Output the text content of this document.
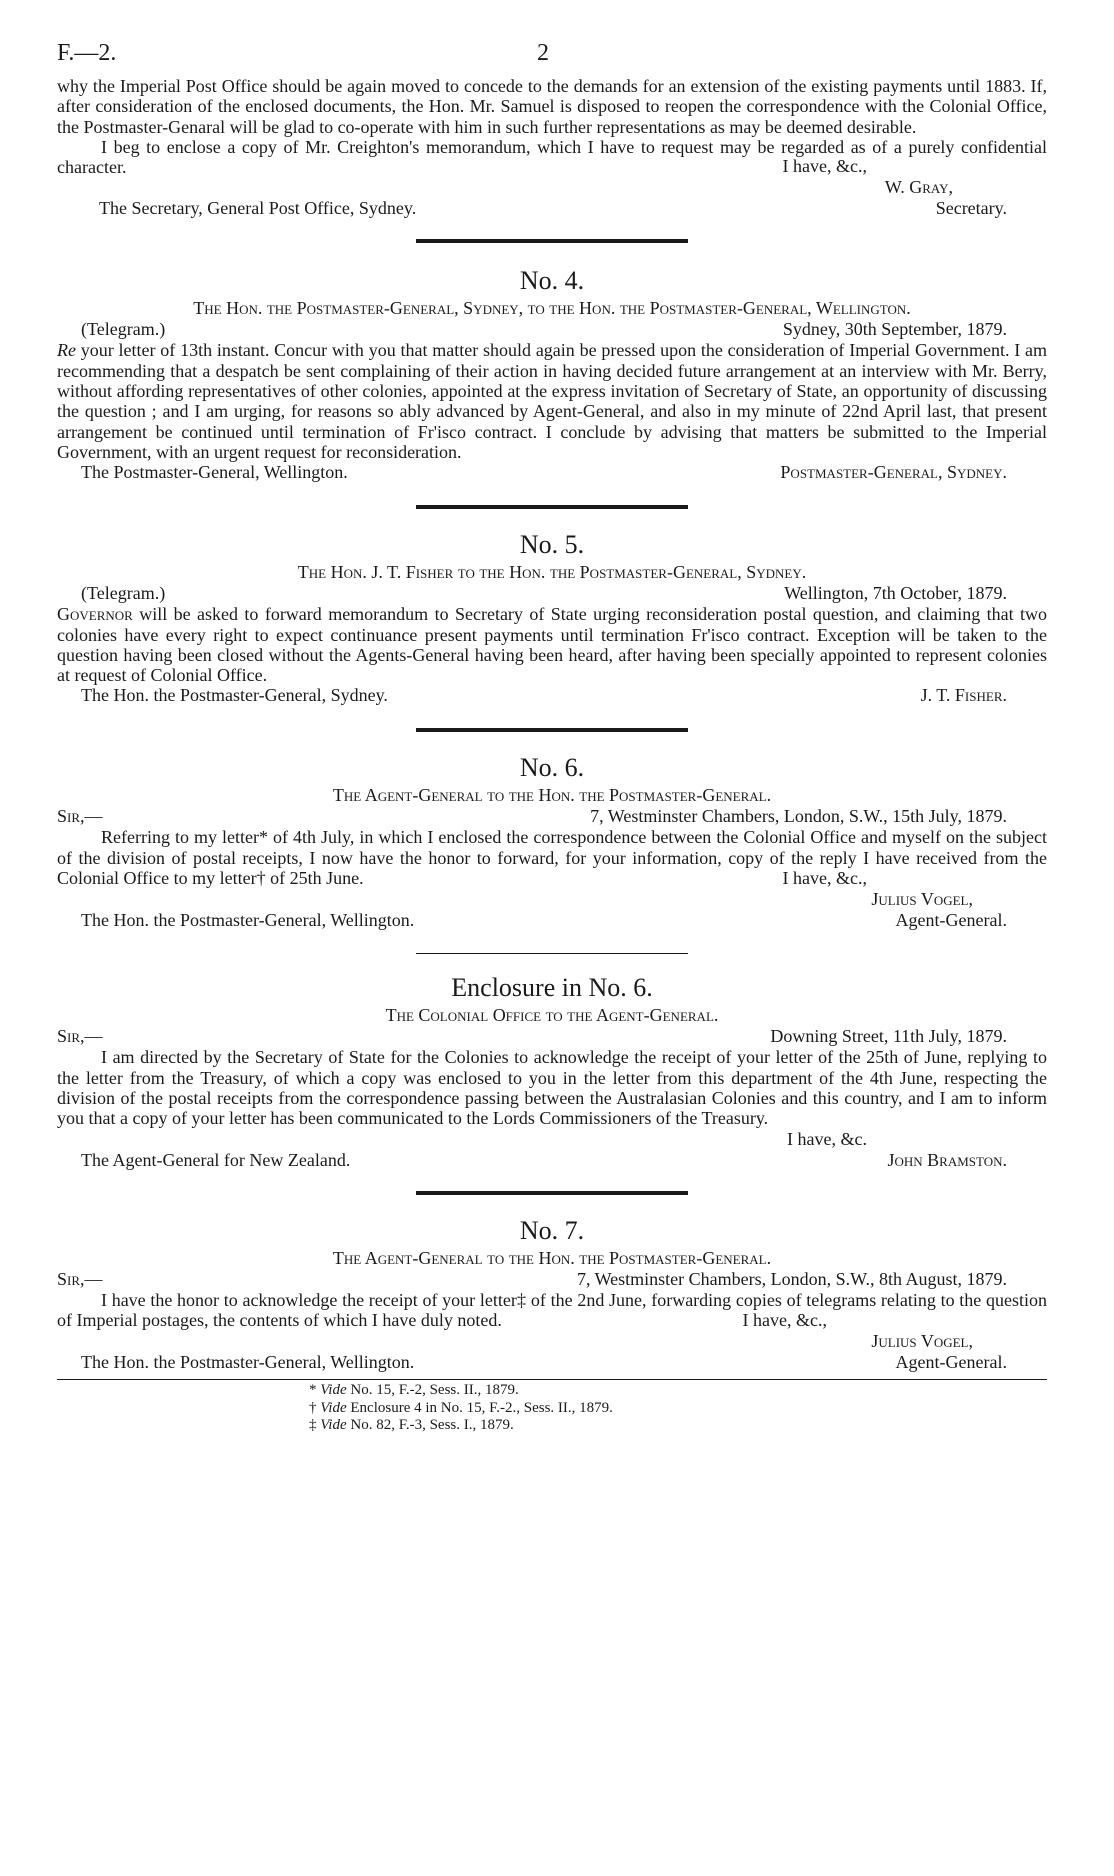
F.—2.	2

why the Imperial Post Office should be again moved to concede to the demands for an extension of the existing payments until 1883. If, after consideration of the enclosed documents, the Hon. Mr. Samuel is disposed to reopen the correspondence with the Colonial Office, the Postmaster-Genaral will be glad to co-operate with him in such further representations as may be deemed desirable.

I beg to enclose a copy of Mr. Creighton's memorandum, which I have to request may be regarded as of a purely confidential character.	I have, &c.,
W. Gray,
The Secretary, General Post Office, Sydney.	Secretary.
No. 4.
The Hon. the Postmaster-General, Sydney, to the Hon. the Postmaster-General, Wellington.
(Telegram.)	Sydney, 30th September, 1879.

Re your letter of 13th instant. Concur with you that matter should again be pressed upon the consideration of Imperial Government. I am recommending that a despatch be sent complaining of their action in having decided future arrangement at an interview with Mr. Berry, without affording representatives of other colonies, appointed at the express invitation of Secretary of State, an opportunity of discussing the question ; and I am urging, for reasons so ably advanced by Agent-General, and also in my minute of 22nd April last, that present arrangement be continued until termination of Fr'isco contract. I conclude by advising that matters be submitted to the Imperial Government, with an urgent request for reconsideration.

The Postmaster-General, Wellington.	Postmaster-General, Sydney.
No. 5.
The Hon. J. T. Fisher to the Hon. the Postmaster-General, Sydney.
(Telegram.)	Wellington, 7th October, 1879.

Governor will be asked to forward memorandum to Secretary of State urging reconsideration postal question, and claiming that two colonies have every right to expect continuance present payments until termination Fr'isco contract. Exception will be taken to the question having been closed without the Agents-General having been heard, after having been specially appointed to represent colonies at request of Colonial Office.

The Hon. the Postmaster-General, Sydney.	J. T. Fisher.
No. 6.
The Agent-General to the Hon. the Postmaster-General.
Sir,—	7, Westminster Chambers, London, S.W., 15th July, 1879.

Referring to my letter* of 4th July, in which I enclosed the correspondence between the Colonial Office and myself on the subject of the division of postal receipts, I now have the honor to forward, for your information, copy of the reply I have received from the Colonial Office to my letter† of 25th June.	I have, &c.,
Julius Vogel,
The Hon. the Postmaster-General, Wellington.	Agent-General.
Enclosure in No. 6.
The Colonial Office to the Agent-General.
Sir,—	Downing Street, 11th July, 1879.

I am directed by the Secretary of State for the Colonies to acknowledge the receipt of your letter of the 25th of June, replying to the letter from the Treasury, of which a copy was enclosed to you in the letter from this department of the 4th June, respecting the division of the postal receipts from the correspondence passing between the Australasian Colonies and this country, and I am to inform you that a copy of your letter has been communicated to the Lords Commissioners of the Treasury.

I have, &c.
The Agent-General for New Zealand.	John Bramston.
No. 7.
The Agent-General to the Hon. the Postmaster-General.
Sir,—	7, Westminster Chambers, London, S.W., 8th August, 1879.

I have the honor to acknowledge the receipt of your letter‡ of the 2nd June, forwarding copies of telegrams relating to the question of Imperial postages, the contents of which I have duly noted.	I have, &c.,
Julius Vogel,
The Hon. the Postmaster-General, Wellington.	Agent-General.
* Vide No. 15, F.-2, Sess. II., 1879.
† Vide Enclosure 4 in No. 15, F.-2., Sess. II., 1879.
‡ Vide No. 82, F.-3, Sess. I., 1879.
